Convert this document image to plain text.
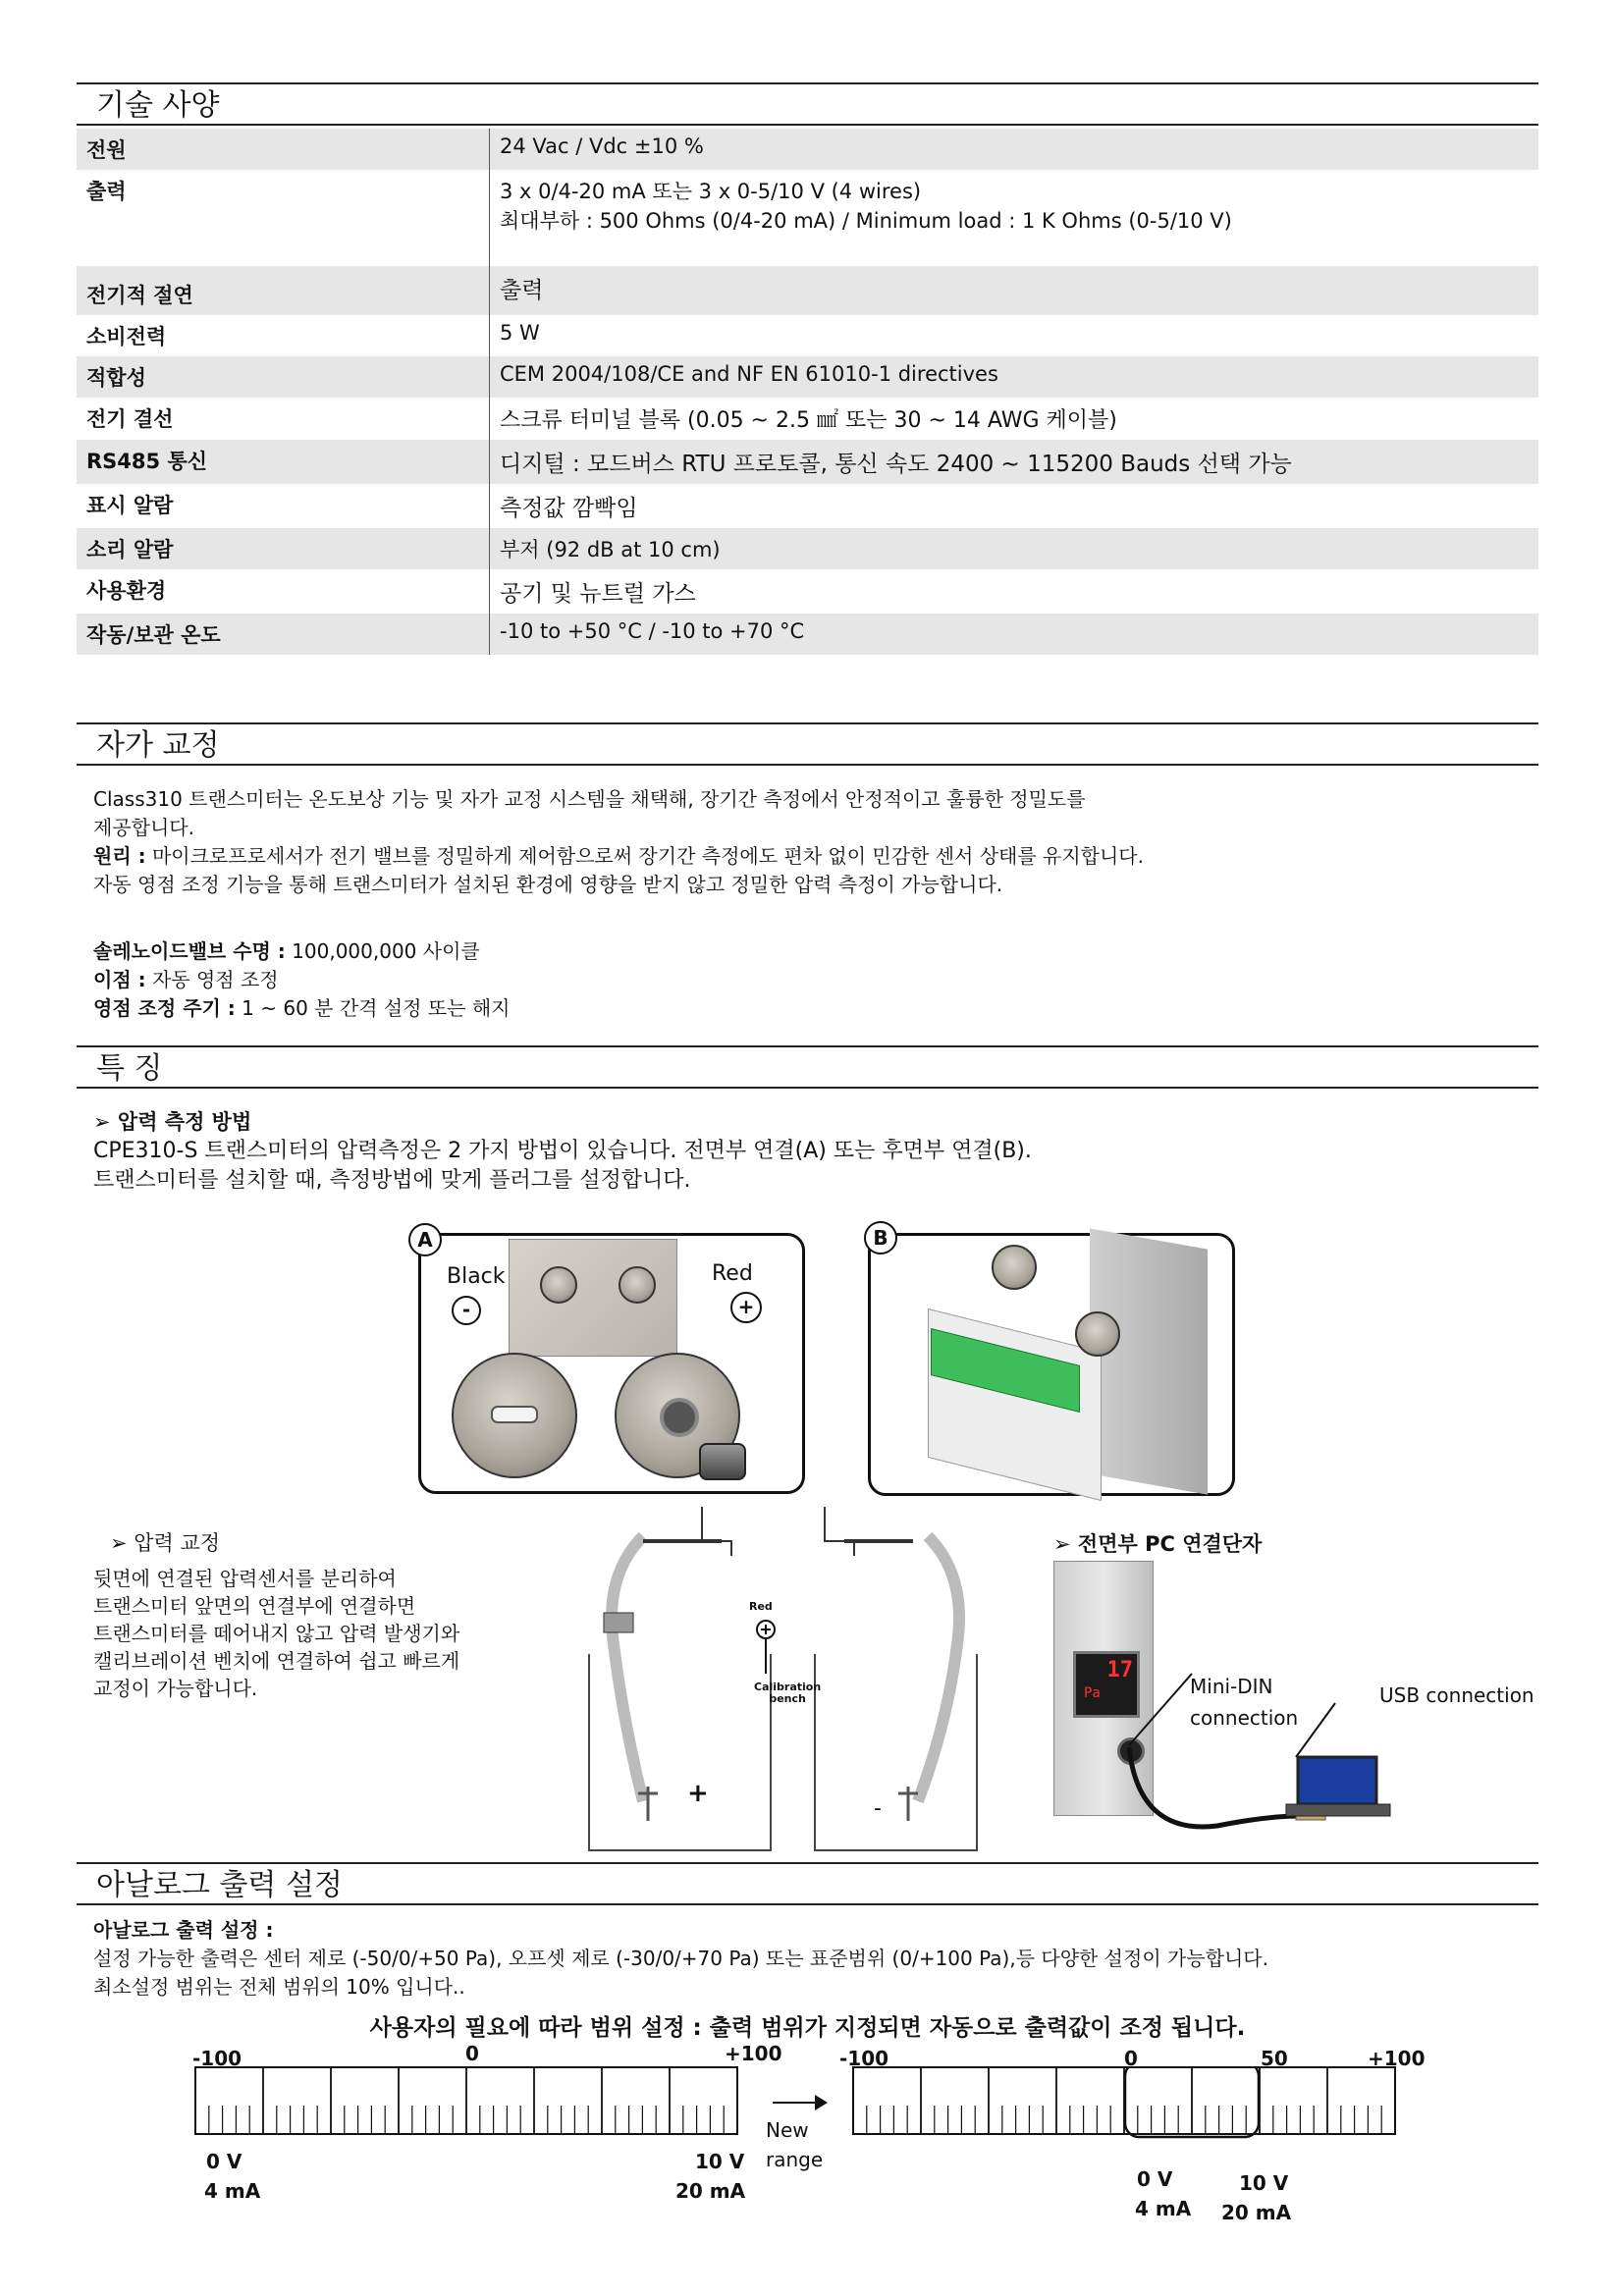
기술 사양
전원	24 Vac / Vdc ±10 %
출력	3 x 0/4-20 mA 또는 3 x 0-5/10 V (4 wires)
최대부하 : 500 Ohms (0/4-20 mA) / Minimum load : 1 K Ohms (0-5/10 V)

전기적 절연	출력
소비전력	5 W
적합성	CEM 2004/108/CE and NF EN 61010-1 directives
전기 결선	스크류 터미널 블록 (0.05 ~ 2.5 ㎟ 또는 30 ~ 14 AWG 케이블)
RS485 통신	디지털 : 모드버스 RTU 프로토콜, 통신 속도 2400 ~ 115200 Bauds 선택 가능
표시 알람	측정값 깜빡임
소리 알람	부저 (92 dB at 10 cm)
사용환경	공기 및 뉴트럴 가스
작동/보관 온도	-10 to +50 °C / -10 to +70 °C
자가 교정
Class310 트랜스미터는 온도보상 기능 및 자가 교정 시스템을 채택해, 장기간 측정에서 안정적이고 훌륭한 정밀도를
제공합니다.
원리 : 마이크로프로세서가 전기 밸브를 정밀하게 제어함으로써 장기간 측정에도 편차 없이 민감한 센서 상태를 유지합니다.
자동 영점 조정 기능을 통해 트랜스미터가 설치된 환경에 영향을 받지 않고 정밀한 압력 측정이 가능합니다.
솔레노이드밸브 수명 : 100,000,000 사이클
이점 : 자동 영점 조정
영점 조정 주기 : 1 ~ 60 분 간격 설정 또는 해지
특 징
➢ 압력 측정 방법
CPE310-S 트랜스미터의 압력측정은 2 가지 방법이 있습니다. 전면부 연결(A) 또는 후면부 연결(B).
트랜스미터를 설치할 때, 측정방법에 맞게 플러그를 설정합니다.
A
Black	Red
-	+
B
➢ 압력 교정
뒷면에 연결된 압력센서를 분리하여
트랜스미터 앞면의 연결부에 연결하면
트랜스미터를 떼어내지 않고 압력 발생기와
캘리브레이션 벤치에 연결하여 쉽고 빠르게
교정이 가능합니다.
+
-
Red
Calibration
bench
➢ 전면부 PC 연결단자
17
Pa	Mini-DIN
connection
USB connection
아날로그 출력 설정
아날로그 출력 설정 :
설정 가능한 출력은 센터 제로 (-50/0/+50 Pa), 오프셋 제로 (-30/0/+70 Pa) 또는 표준범위 (0/+100 Pa),등 다양한 설정이 가능합니다.
최소설정 범위는 전체 범위의 10% 입니다..
사용자의 필요에 따라 범위 설정 : 출력 범위가 지정되면 자동으로 출력값이 조정 됩니다.
-100	0	+100
0 V
4 mA
10 V
20 mA
New
range
-100	0	50	+100
0 V
4 mA
10 V
20 mA
